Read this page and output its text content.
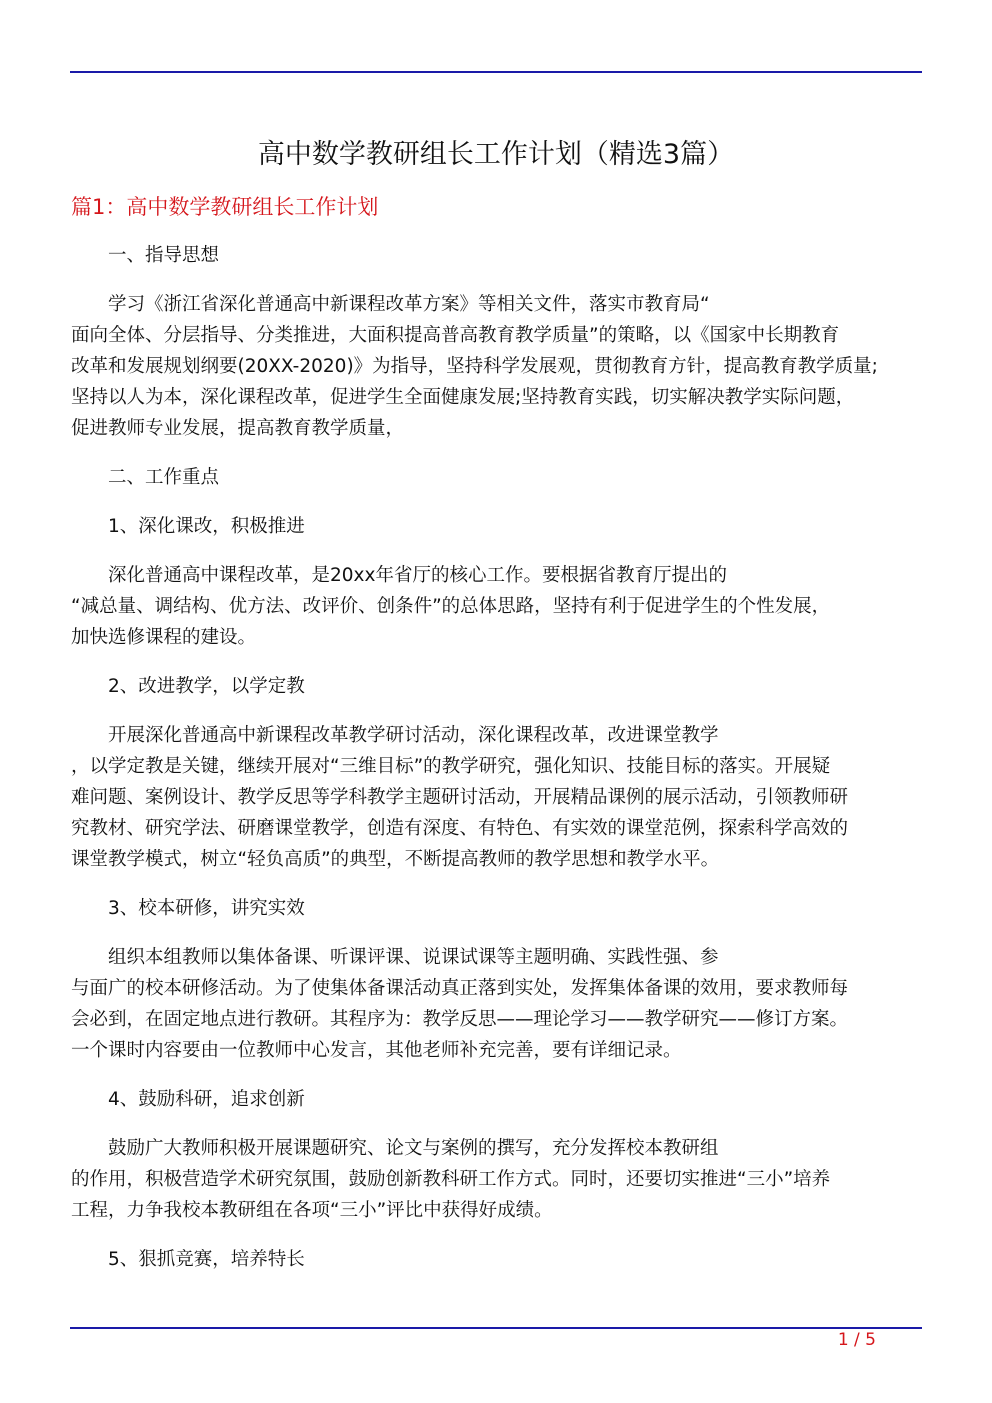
高中数学教研组长工作计划（精选3篇）
篇1：高中数学教研组长工作计划
一、指导思想
学习《浙江省深化普通高中新课程改革方案》等相关文件，落实市教育局“
面向全体、分层指导、分类推进，大面积提高普高教育教学质量”的策略，以《国家中长期教育
改革和发展规划纲要(20XX-2020)》为指导，坚持科学发展观，贯彻教育方针，提高教育教学质量;
坚持以人为本，深化课程改革，促进学生全面健康发展;坚持教育实践，切实解决教学实际问题，
促进教师专业发展，提高教育教学质量，
二、工作重点
1、深化课改，积极推进
深化普通高中课程改革，是20xx年省厅的核心工作。要根据省教育厅提出的
“减总量、调结构、优方法、改评价、创条件”的总体思路，坚持有利于促进学生的个性发展，
加快选修课程的建设。
2、改进教学，以学定教
开展深化普通高中新课程改革教学研讨活动，深化课程改革，改进课堂教学
，以学定教是关键，继续开展对“三维目标”的教学研究，强化知识、技能目标的落实。开展疑
难问题、案例设计、教学反思等学科教学主题研讨活动，开展精品课例的展示活动，引领教师研
究教材、研究学法、研磨课堂教学，创造有深度、有特色、有实效的课堂范例，探索科学高效的
课堂教学模式，树立“轻负高质”的典型，不断提高教师的教学思想和教学水平。
3、校本研修，讲究实效
组织本组教师以集体备课、听课评课、说课试课等主题明确、实践性强、参
与面广的校本研修活动。为了使集体备课活动真正落到实处，发挥集体备课的效用，要求教师每
会必到，在固定地点进行教研。其程序为：教学反思——理论学习——教学研究——修订方案。
一个课时内容要由一位教师中心发言，其他老师补充完善，要有详细记录。
4、鼓励科研，追求创新
鼓励广大教师积极开展课题研究、论文与案例的撰写，充分发挥校本教研组
的作用，积极营造学术研究氛围，鼓励创新教科研工作方式。同时，还要切实推进“三小”培养
工程，力争我校本教研组在各项“三小”评比中获得好成绩。
5、狠抓竞赛，培养特长
1 / 5
